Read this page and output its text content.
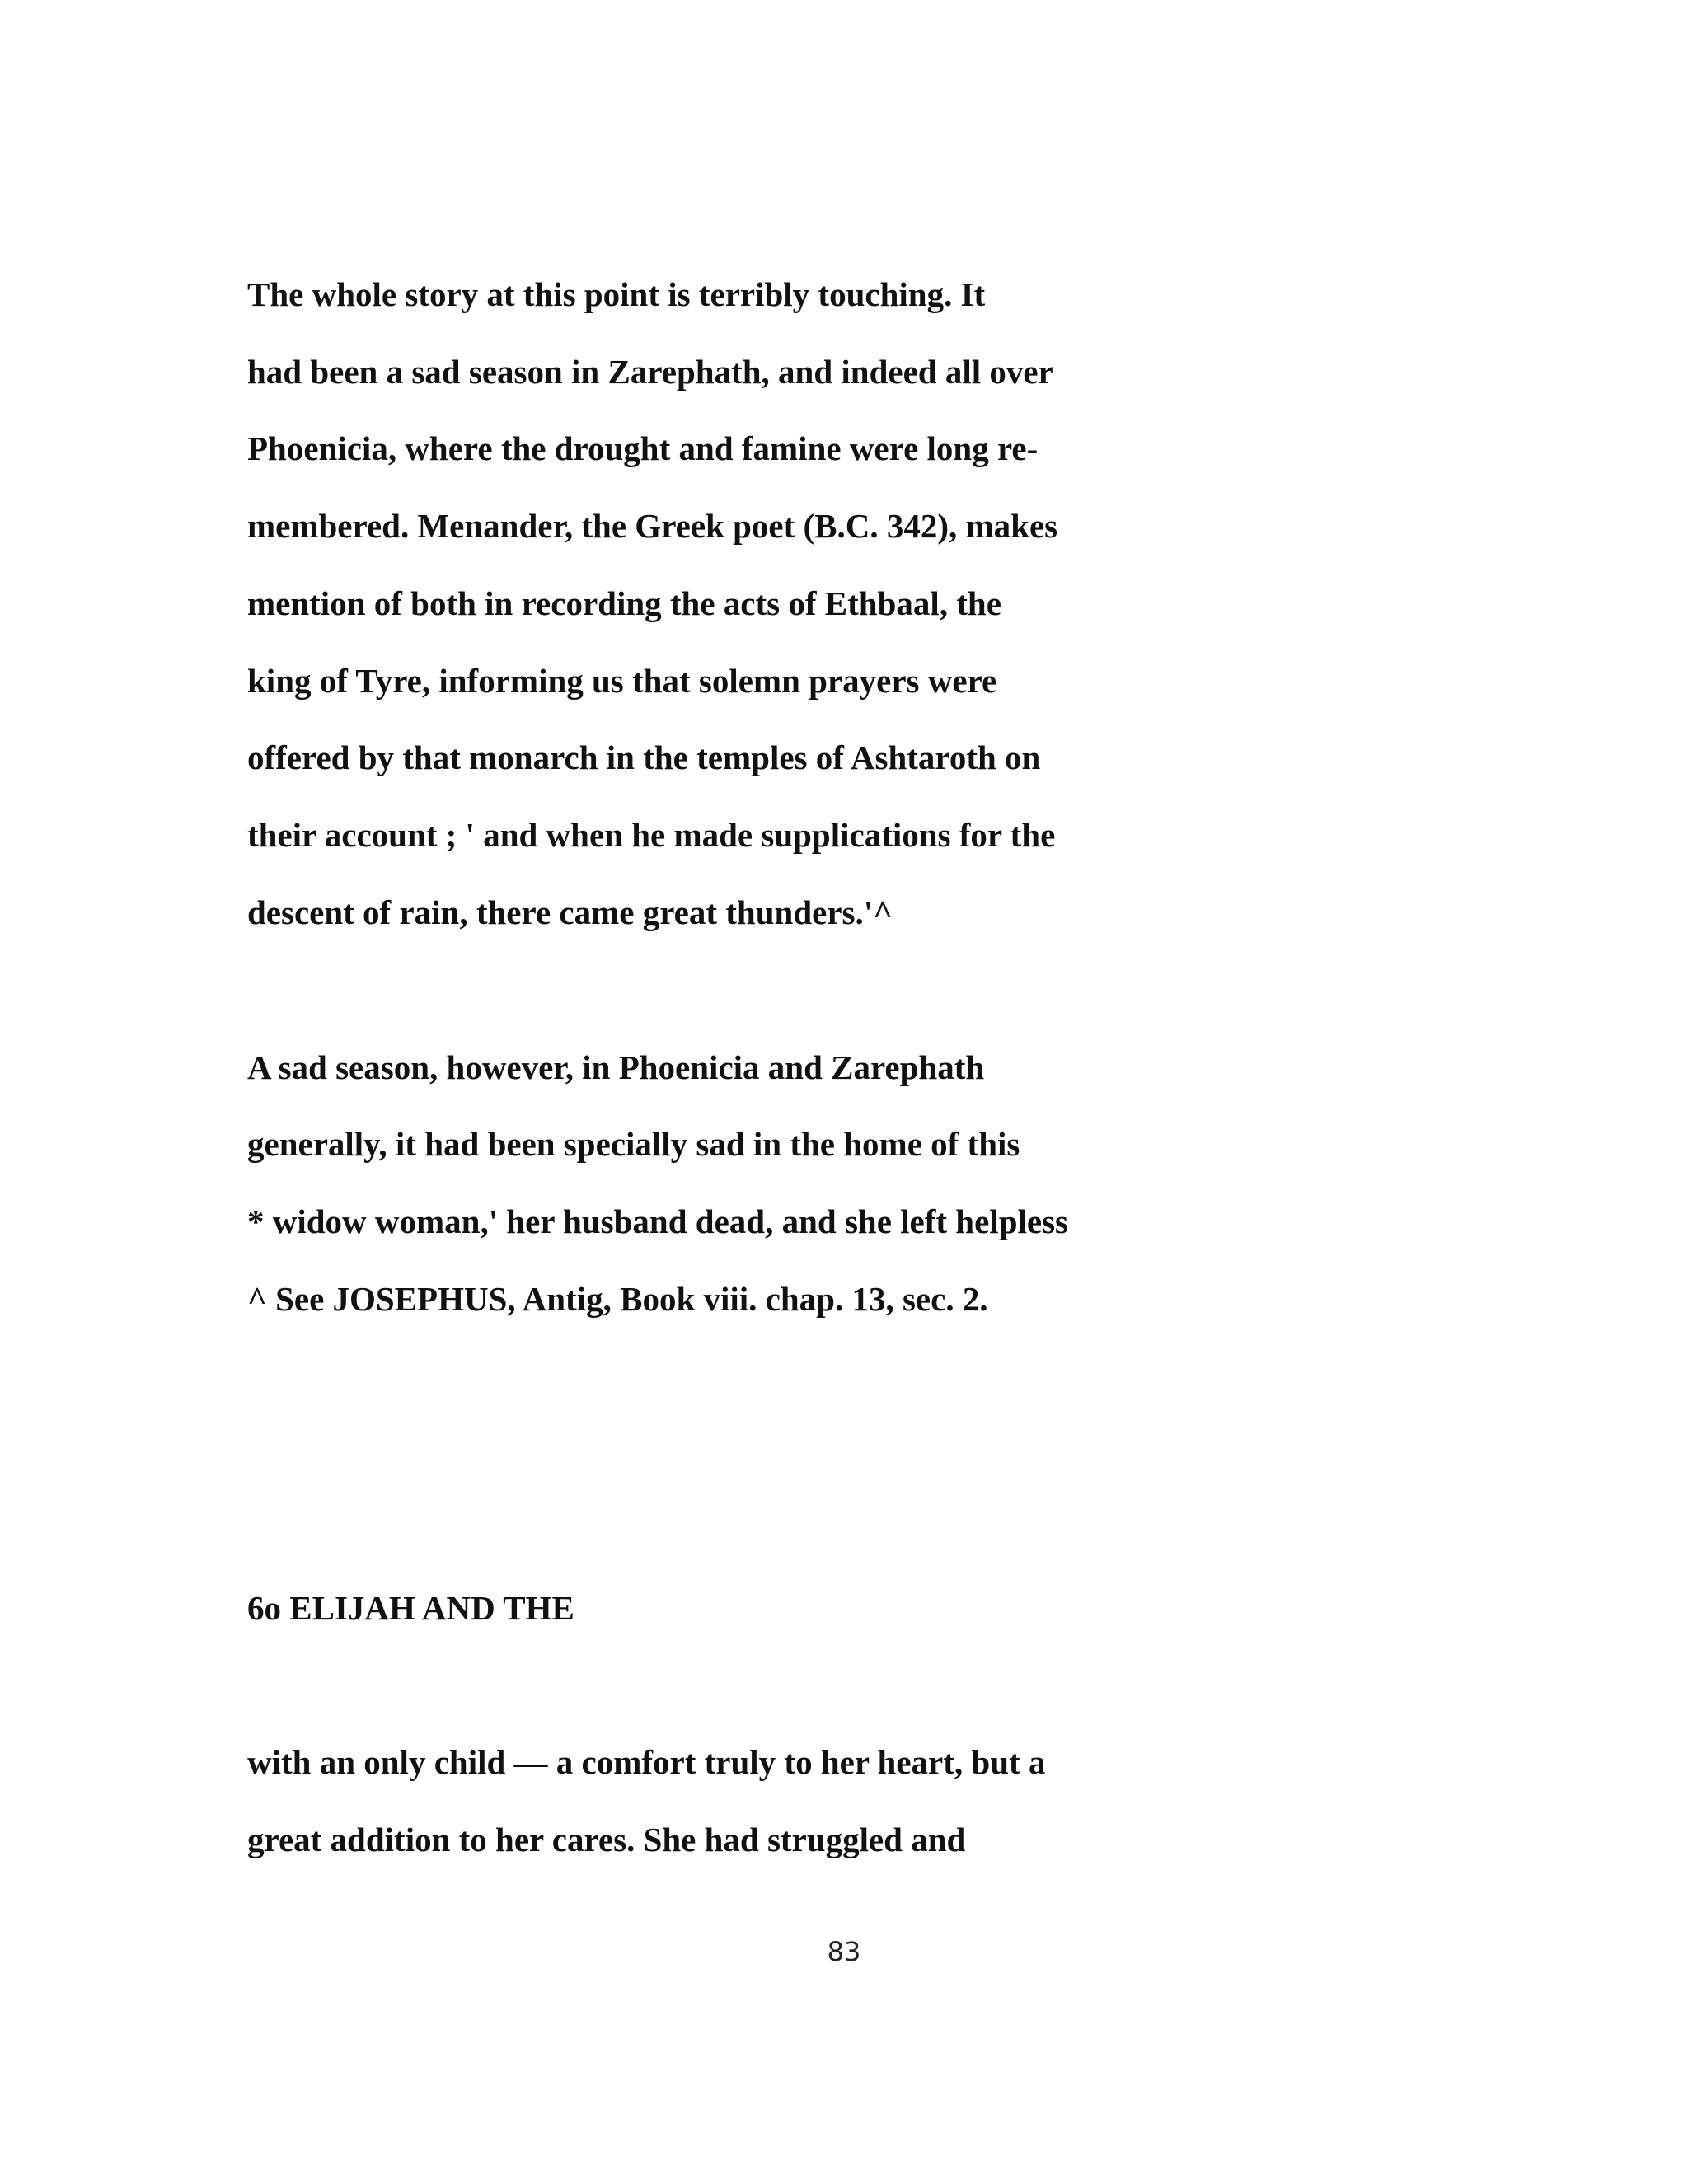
The whole story at this point is terribly touching. It

had been a sad season in Zarephath, and indeed all over

Phoenicia, where the drought and famine were long re-

membered. Menander, the Greek poet (B.C. 342), makes

mention of both in recording the acts of Ethbaal, the

king of Tyre, informing us that solemn prayers were

offered by that monarch in the temples of Ashtaroth on

their account ; ' and when he made supplications for the

descent of rain, there came great thunders.'^

A sad season, however, in Phoenicia and Zarephath

generally, it had been specially sad in the home of this

* widow woman,' her husband dead, and she left helpless

^ See JOSEPHUS, Antig, Book viii. chap. 13, sec. 2.

6o ELIJAH AND THE

with an only child — a comfort truly to her heart, but a

great addition to her cares. She had struggled and

83
